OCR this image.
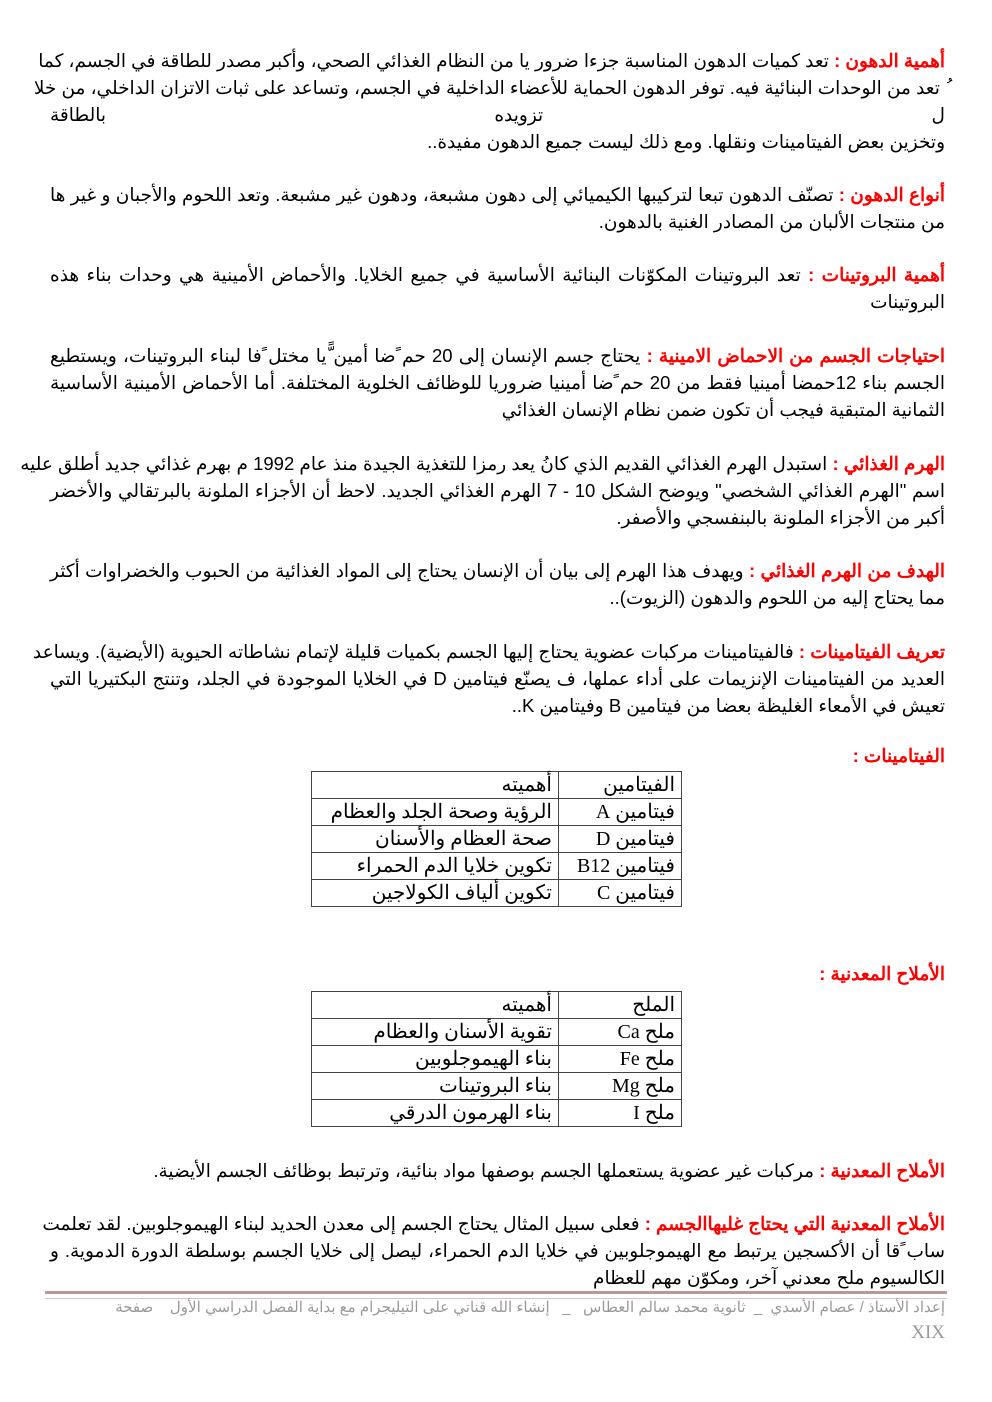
أهمية الدهون : تعد كميات الدهون المناسبة جزءا ضرور يا من النظام الغذائي الصحي، وأكبر مصدر للطاقة في الجسم، كما
ُ تعد من الوحدات البنائية فيه. توفر الدهون الحماية للأعضاء الداخلية في الجسم، وتساعد على ثبات الاتزان الداخلي، من خلا
ل تزويده بالطاقة
وتخزين بعض الفيتامينات ونقلها. ومع ذلك ليست جميع الدهون مفيدة..
أنواع الدهون : تصنّف الدهون تبعا لتركيبها الكيميائي إلى دهون مشبعة، ودهون غير مشبعة. وتعد اللحوم والأجبان و غير ها
من منتجات الألبان من المصادر الغنية بالدهون.
أهمية البروتينات : تعد البروتينات المكوّنات البنائية الأساسية في جميع الخلايا. والأحماض الأمينية هي وحدات بناء هذه
البروتينات
احتياجات الجسم من الاحماض الامينية : يحتاج جسم الإنسان إلى 20 حم ًضا أمين ًّيا مختل ًفا لبناء البروتينات، ويستطيع
الجسم بناء 12حمضا أمينيا فقط من 20 حم ًضا أمينيا ضروريا للوظائف الخلوية المختلفة. أما الأحماض الأمينية الأساسية
الثمانية المتبقية فيجب أن تكون ضمن نظام الإنسان الغذائي
الهرم الغذائي : استبدل الهرم الغذائي القديم الذي كانُ يعد رمزا للتغذية الجيدة منذ عام 1992 م بهرم غذائي جديد أطلق عليه
اسم "الهرم الغذائي الشخصي" ويوضح الشكل 10 - 7 الهرم الغذائي الجديد. لاحظ أن الأجزاء الملونة بالبرتقالي والأخضر
أكبر من الأجزاء الملونة بالبنفسجي والأصفر.
الهدف من الهرم الغذائي : ويهدف هذا الهرم إلى بيان أن الإنسان يحتاج إلى المواد الغذائية من الحبوب والخضراوات أكثر
مما يحتاج إليه من اللحوم والدهون (الزيوت)..
تعريف الفيتامينات : فالفيتامينات مركبات عضوية يحتاج إليها الجسم بكميات قليلة لإتمام نشاطاته الحيوية (الأيضية). ويساعد
العديد من الفيتامينات الإنزيمات على أداء عملها، ف يصنّع فيتامين D في الخلايا الموجودة في الجلد، وتنتج البكتيريا التي
تعيش في الأمعاء الغليظة بعضا من فيتامين B وفيتامين K..
الأملاح المعدنية : مركبات غير عضوية يستعملها الجسم بوصفها مواد بنائية، وترتبط بوظائف الجسم الأيضية.
الأملاح المعدنية التي يحتاج غليهاالجسم : فعلى سبيل المثال يحتاج الجسم إلى معدن الحديد لبناء الهيموجلوبين. لقد تعلمت
ساب ًقا أن الأكسجين يرتبط مع الهيموجلوبين في خلايا الدم الحمراء، ليصل إلى خلايا الجسم بوسلطة الدورة الدموية. و
الكالسيوم ملح معدني آخر، ومكوّن مهم للعظام
الفيتامينات :
الفيتامين	أهميته
فيتامين A	الرؤية وصحة الجلد والعظام
فيتامين D	صحة العظام والأسنان
فيتامين B12	تكوين خلايا الدم الحمراء
فيتامين C	تكوين ألياف الكولاجين
الأملاح المعدنية :
الملح	أهميته
ملح Ca	تقوية الأسنان والعظام
ملح Fe	بناء الهيموجلوبين
ملح Mg	بناء البروتينات
ملح I	بناء الهرمون الدرقي
إعداد الأستاذ / عصام الأسدي  _  ثانوية محمد سالم العطاس   _   إنشاء الله قناتي على التيليجرام مع بداية الفصل الدراسي الأول    صفحة
XIX
